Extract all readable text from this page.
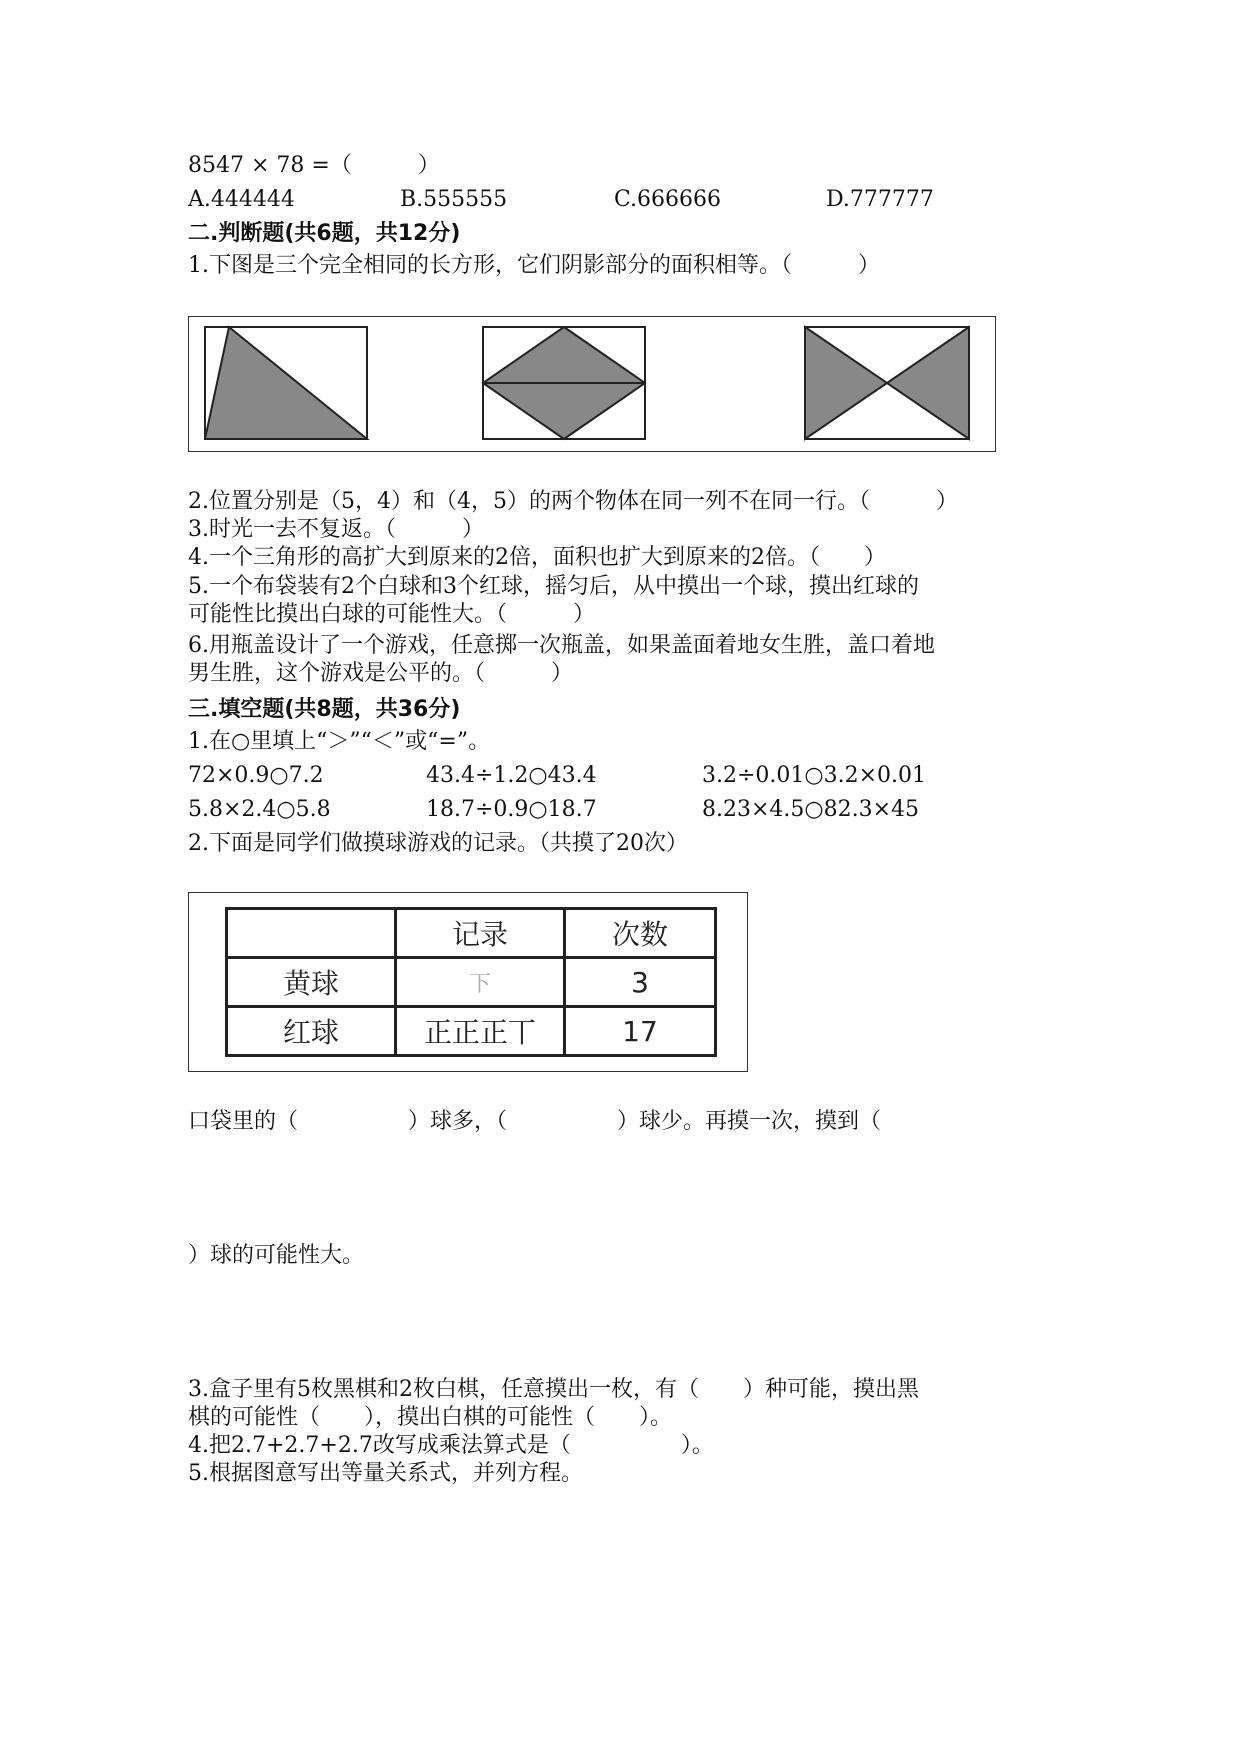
8547 × 78 =（　　　）
A.444444	B.555555	C.666666	D.777777
二.判断题(共6题，共12分)
1.下图是三个完全相同的长方形，它们阴影部分的面积相等。（　　　）
2.位置分别是（5，4）和（4，5）的两个物体在同一列不在同一行。（　　　）
3.时光一去不复返。（　　　）
4.一个三角形的高扩大到原来的2倍，面积也扩大到原来的2倍。（　　）
5.一个布袋装有2个白球和3个红球，摇匀后，从中摸出一个球，摸出红球的
可能性比摸出白球的可能性大。（　　　）
6.用瓶盖设计了一个游戏，任意掷一次瓶盖，如果盖面着地女生胜，盖口着地
男生胜，这个游戏是公平的。（　　　）
三.填空题(共8题，共36分)
1.在○里填上“＞”“＜”或“=”。
72×0.9○7.2	43.4÷1.2○43.4	3.2÷0.01○3.2×0.01
5.8×2.4○5.8	18.7÷0.9○18.7	8.23×4.5○82.3×45
2.下面是同学们做摸球游戏的记录。（共摸了20次）
	记录	次数
黄球	下	3
红球	正正正丅	17
口袋里的（　　　　　）球多，（　　　　　）球少。再摸一次，摸到（
）球的可能性大。
3.盒子里有5枚黑棋和2枚白棋，任意摸出一枚，有（　　）种可能，摸出黑
棋的可能性（　　），摸出白棋的可能性（　　）。
4.把2.7+2.7+2.7改写成乘法算式是（　　　　　）。
5.根据图意写出等量关系式，并列方程。
